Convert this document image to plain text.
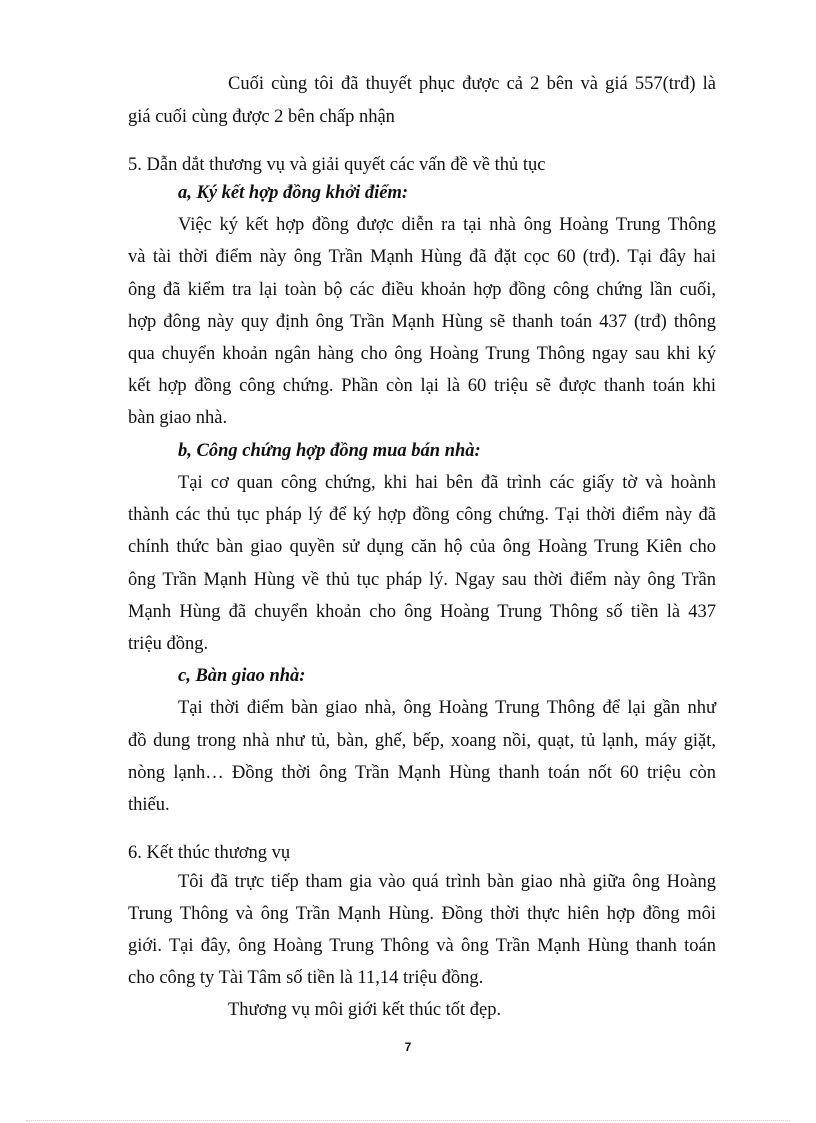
Cuối cùng tôi đã thuyết phục được cả 2 bên và giá 557(trđ) là
giá cuối cùng được 2 bên chấp nhận
5. Dẫn dắt thương vụ và giải quyết các vấn đề về thủ tục
a, Ký kết hợp đồng khởi điểm:
Việc ký kết hợp đồng được diễn ra tại nhà ông Hoàng Trung Thông
và tài thời điểm này ông Trần Mạnh Hùng đã đặt cọc 60 (trđ). Tại đây hai
ông đã kiểm tra lại toàn bộ các điều khoản hợp đồng công chứng lần cuối,
hợp đông này quy định ông Trần Mạnh Hùng sẽ thanh toán 437 (trđ) thông
qua chuyển khoản ngân hàng cho ông Hoàng Trung Thông ngay sau khi ký
kết hợp đồng công chứng. Phần còn lại là 60 triệu sẽ được thanh toán khi
bàn giao nhà.
b, Công chứng hợp đồng mua bán nhà:
Tại cơ quan công chứng, khi hai bên đã trình các giấy tờ và hoành
thành các thủ tục pháp lý để ký hợp đồng công chứng. Tại thời điểm này đã
chính thức bàn giao quyền sử dụng căn hộ của ông Hoàng Trung Kiên cho
ông Trần Mạnh Hùng về thủ tục pháp lý. Ngay sau thời điểm này ông Trần
Mạnh Hùng đã chuyển khoản cho ông Hoàng Trung Thông số tiền là 437
triệu đồng.
c, Bàn giao nhà:
Tại thời điểm bàn giao nhà, ông Hoàng Trung Thông để lại gần như
đồ dung trong nhà như tủ, bàn, ghế, bếp, xoang nồi, quạt, tủ lạnh, máy giặt,
nòng lạnh… Đồng thời ông Trần Mạnh Hùng thanh toán nốt 60 triệu còn
thiếu.
6. Kết thúc thương vụ
Tôi đã trực tiếp tham gia vào quá trình bàn giao nhà giữa ông Hoàng
Trung Thông và ông Trần Mạnh Hùng. Đồng thời thực hiên hợp đồng môi
giới. Tại đây, ông Hoàng Trung Thông và ông Trần Mạnh Hùng thanh toán
cho công ty Tài Tâm số tiền là 11,14 triệu đồng.
Thương vụ môi giới kết thúc tốt đẹp.
7
